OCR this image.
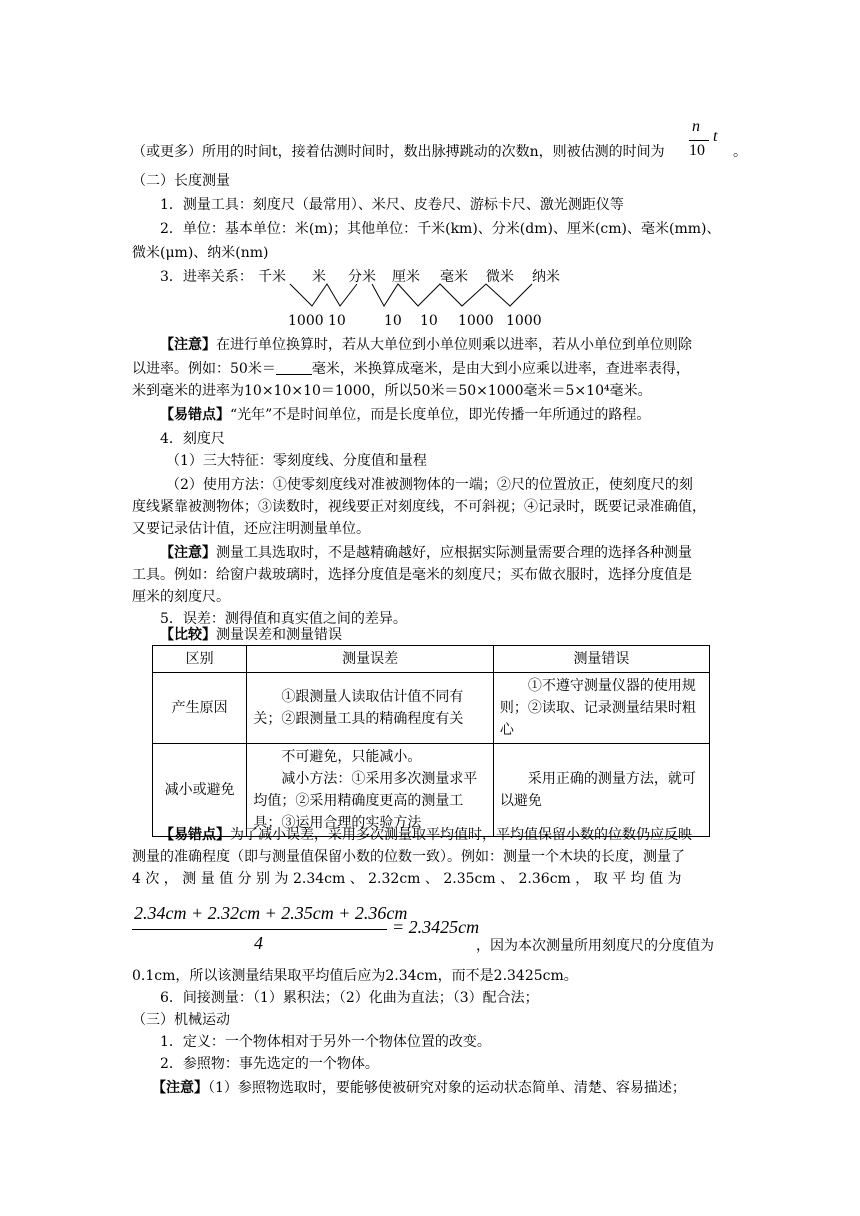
（或更多）所用的时间t，接着估测时间时，数出脉搏跳动的次数n，则被估测的时间为
n
10
t
。
（二）长度测量
1．测量工具：刻度尺（最常用）、米尺、皮卷尺、游标卡尺、激光测距仪等
2．单位：基本单位：米(m)；其他单位：千米(km)、分米(dm)、厘米(cm)、毫米(mm)、
微米(μm)、纳米(nm)
3．进率关系： 千米	米	分米	厘米	毫米	微米	纳米
1000 10	10	10	1000 1000
【注意】在进行单位换算时，若从大单位到小单位则乘以进率，若从小单位到单位则除
以进率。例如：50米＝	毫米，米换算成毫米，是由大到小应乘以进率，查进率表得，
米到毫米的进率为10×10×10＝1000，所以50米＝50×1000毫米＝5×10⁴毫米。
【易错点】“光年”不是时间单位，而是长度单位，即光传播一年所通过的路程。
4．刻度尺
（1）三大特征：零刻度线、分度值和量程
（2）使用方法：①使零刻度线对准被测物体的一端；②尺的位置放正，使刻度尺的刻
度线紧靠被测物体；③读数时，视线要正对刻度线，不可斜视；④记录时，既要记录准确值，
又要记录估计值，还应注明测量单位。
【注意】测量工具选取时，不是越精确越好，应根据实际测量需要合理的选择各种测量
工具。例如：给窗户裁玻璃时，选择分度值是毫米的刻度尺；买布做衣服时，选择分度值是
厘米的刻度尺。
5．误差：测得值和真实值之间的差异。
【比较】测量误差和测量错误
区别	测量误差	测量错误
产生原因	　　①跟测量人读取估计值不同有关；②跟测量工具的精确程度有关	　　①不遵守测量仪器的使用规则；②读取、记录测量结果时粗心
减小或避免	　　不可避免，只能减小。
　　减小方法：①采用多次测量求平均值；②采用精确度更高的测量工具；③运用合理的实验方法	　　采用正确的测量方法，就可以避免
【易错点】为了减小误差，采用多次测量取平均值时，平均值保留小数的位数仍应反映
测量的准确程度（即与测量值保留小数的位数一致）。例如：测量一个木块的长度，测量了
4 次 ， 测 量 值 分 别 为 2.34cm 、 2.32cm 、 2.35cm 、 2.36cm ， 取 平 均 值 为
2.34cm + 2.32cm + 2.35cm + 2.36cm
4
= 2.3425cm
，因为本次测量所用刻度尺的分度值为
0.1cm，所以该测量结果取平均值后应为2.34cm，而不是2.3425cm。
6．间接测量：（1）累积法；（2）化曲为直法；（3）配合法；
（三）机械运动
1．定义：一个物体相对于另外一个物体位置的改变。
2．参照物：事先选定的一个物体。
【注意】（1）参照物选取时，要能够使被研究对象的运动状态简单、清楚、容易描述；
